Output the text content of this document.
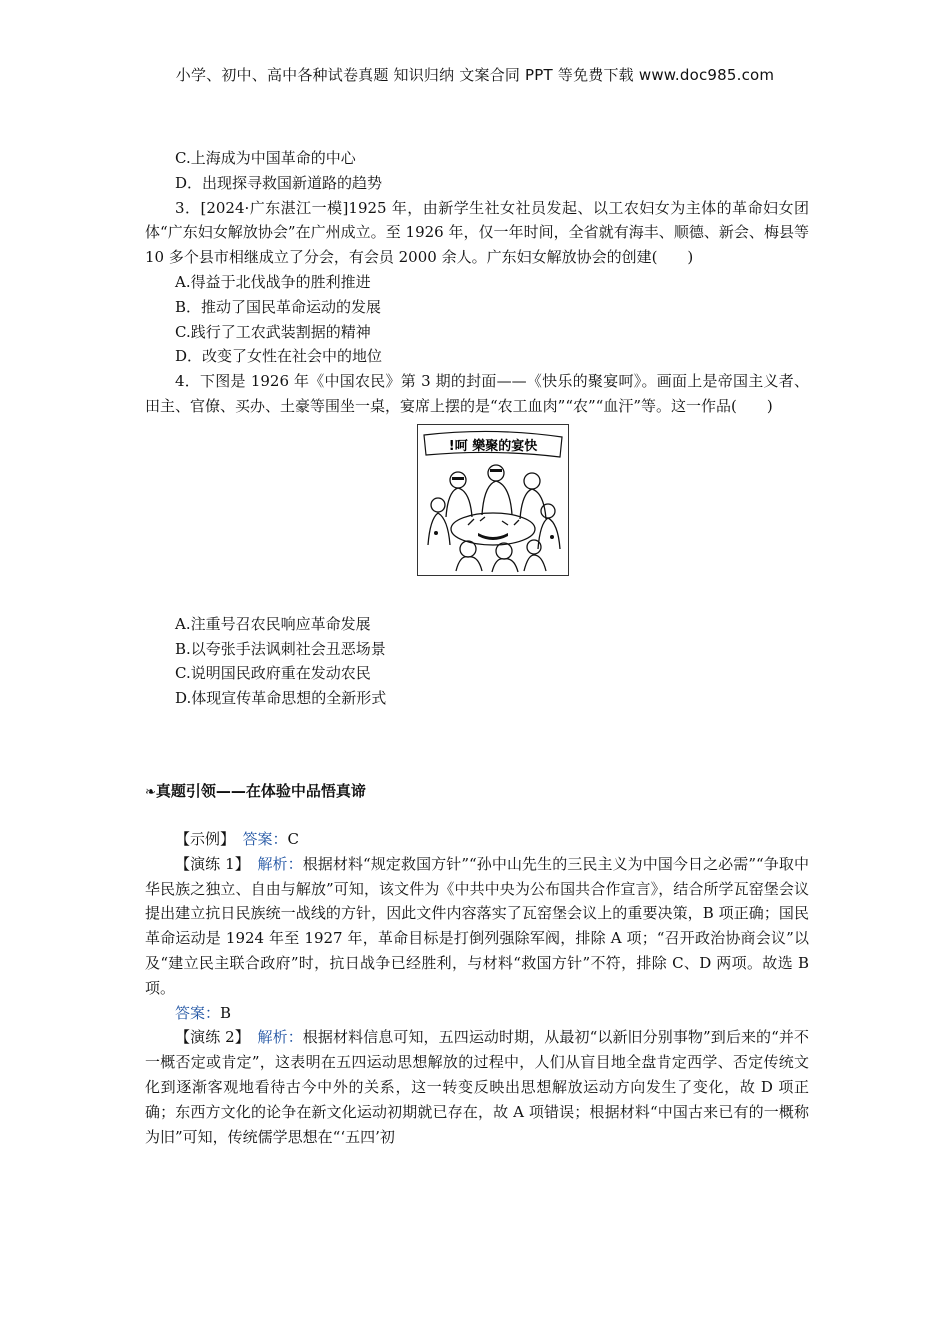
小学、初中、高中各种试卷真题 知识归纳 文案合同 PPT 等免费下载 www.doc985.com
C.上海成为中国革命的中心
D．出现探寻救国新道路的趋势
3．[2024·广东湛江一模]1925 年，由新学生社女社员发起、以工农妇女为主体的革命妇女团体“广东妇女解放协会”在广州成立。至 1926 年，仅一年时间，全省就有海丰、顺德、新会、梅县等 10 多个县市相继成立了分会，有会员 2000 余人。广东妇女解放协会的创建(　　)
A.得益于北伐战争的胜利推进
B．推动了国民革命运动的发展
C.践行了工农武装割据的精神
D．改变了女性在社会中的地位
4．下图是 1926 年《中国农民》第 3 期的封面——《快乐的聚宴呵》。画面上是帝国主义者、田主、官僚、买办、土豪等围坐一桌，宴席上摆的是“农工血肉”“农”“血汗”等。这一作品(　　)
!呵 樂聚的宴快
A.注重号召农民响应革命发展
B.以夸张手法讽刺社会丑恶场景
C.说明国民政府重在发动农民
D.体现宣传革命思想的全新形式
❧真题引领——在体验中品悟真谛
【示例】　 答案：C
【演练 1】　 解析：根据材料“规定救国方针”“孙中山先生的三民主义为中国今日之必需”“争取中华民族之独立、自由与解放”可知，该文件为《中共中央为公布国共合作宣言》，结合所学瓦窑堡会议提出建立抗日民族统一战线的方针，因此文件内容落实了瓦窑堡会议上的重要决策，B 项正确；国民革命运动是 1924 年至 1927 年，革命目标是打倒列强除军阀，排除 A 项；“召开政治协商会议”以及“建立民主联合政府”时，抗日战争已经胜利，与材料“救国方针”不符，排除 C、D 两项。故选 B 项。
答案：B
【演练 2】　 解析：根据材料信息可知，五四运动时期，从最初“以新旧分别事物”到后来的“并不一概否定或肯定”，这表明在五四运动思想解放的过程中，人们从盲目地全盘肯定西学、否定传统文化到逐渐客观地看待古今中外的关系，这一转变反映出思想解放运动方向发生了变化，故 D 项正确；东西方文化的论争在新文化运动初期就已存在，故 A 项错误；根据材料“中国古来已有的一概称为旧”可知，传统儒学思想在“‘五四’初
